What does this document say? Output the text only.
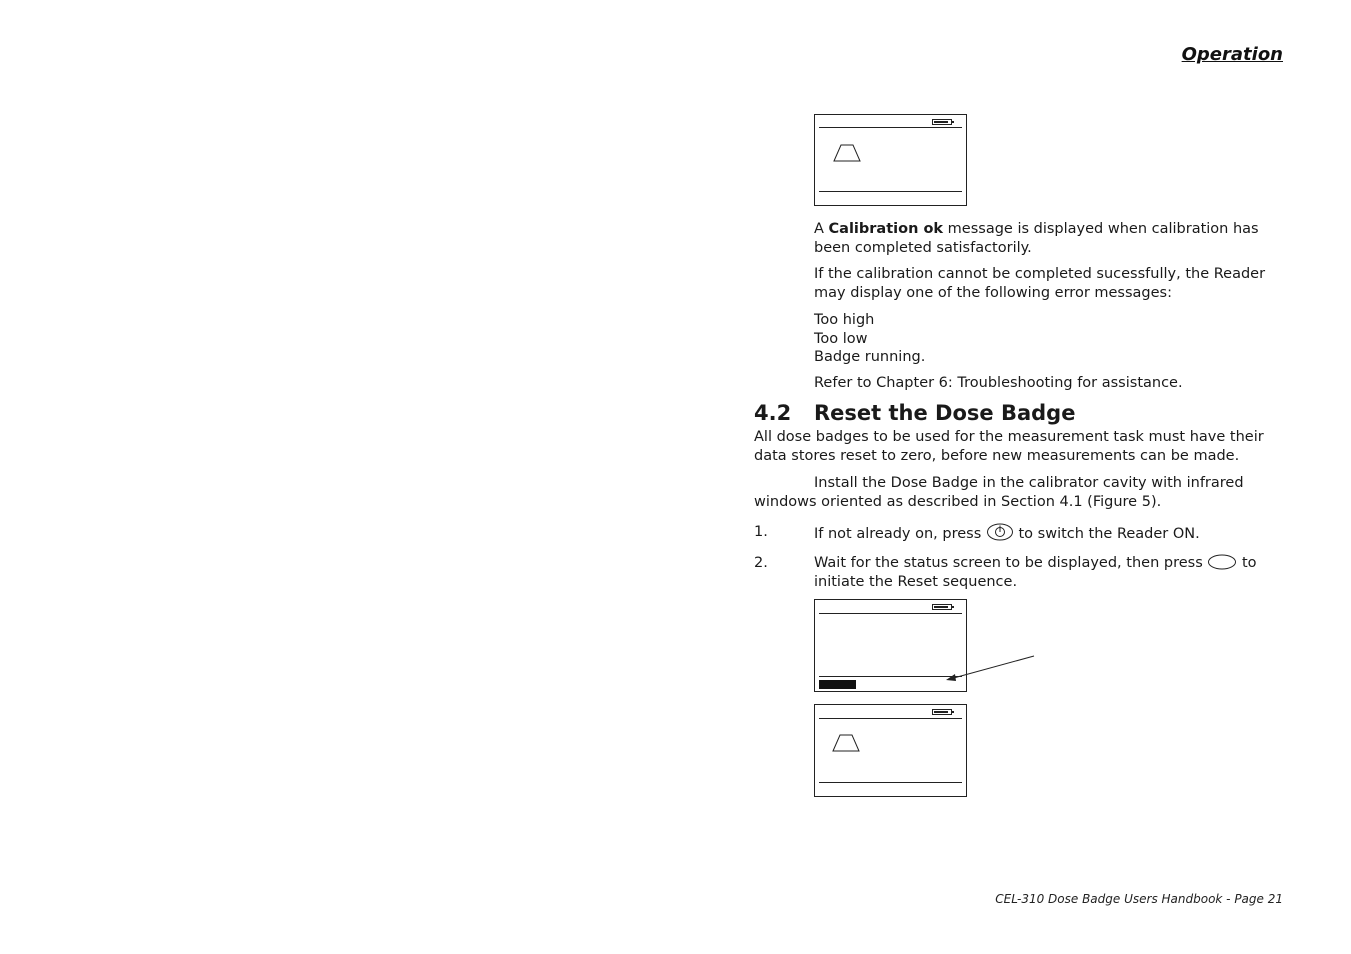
Operation
A Calibration ok message is displayed when calibration has
been completed satisfactorily.
If the calibration cannot be completed sucessfully, the Reader
may display one of the following error messages:
Too high
Too low
Badge running.
Refer to Chapter 6: Troubleshooting for assistance.
4.2 Reset the Dose Badge
All dose badges to be used for the measurement task must have their
data stores reset to zero, before new measurements can be made.
Install the Dose Badge in the calibrator cavity with infrared
windows oriented as described in Section 4.1 (Figure 5).
1.	If not already on, press	to switch the Reader ON.
2.	Wait for the status screen to be displayed, then press	to
initiate the Reset sequence.
CEL-310 Dose Badge Users Handbook - Page 21
